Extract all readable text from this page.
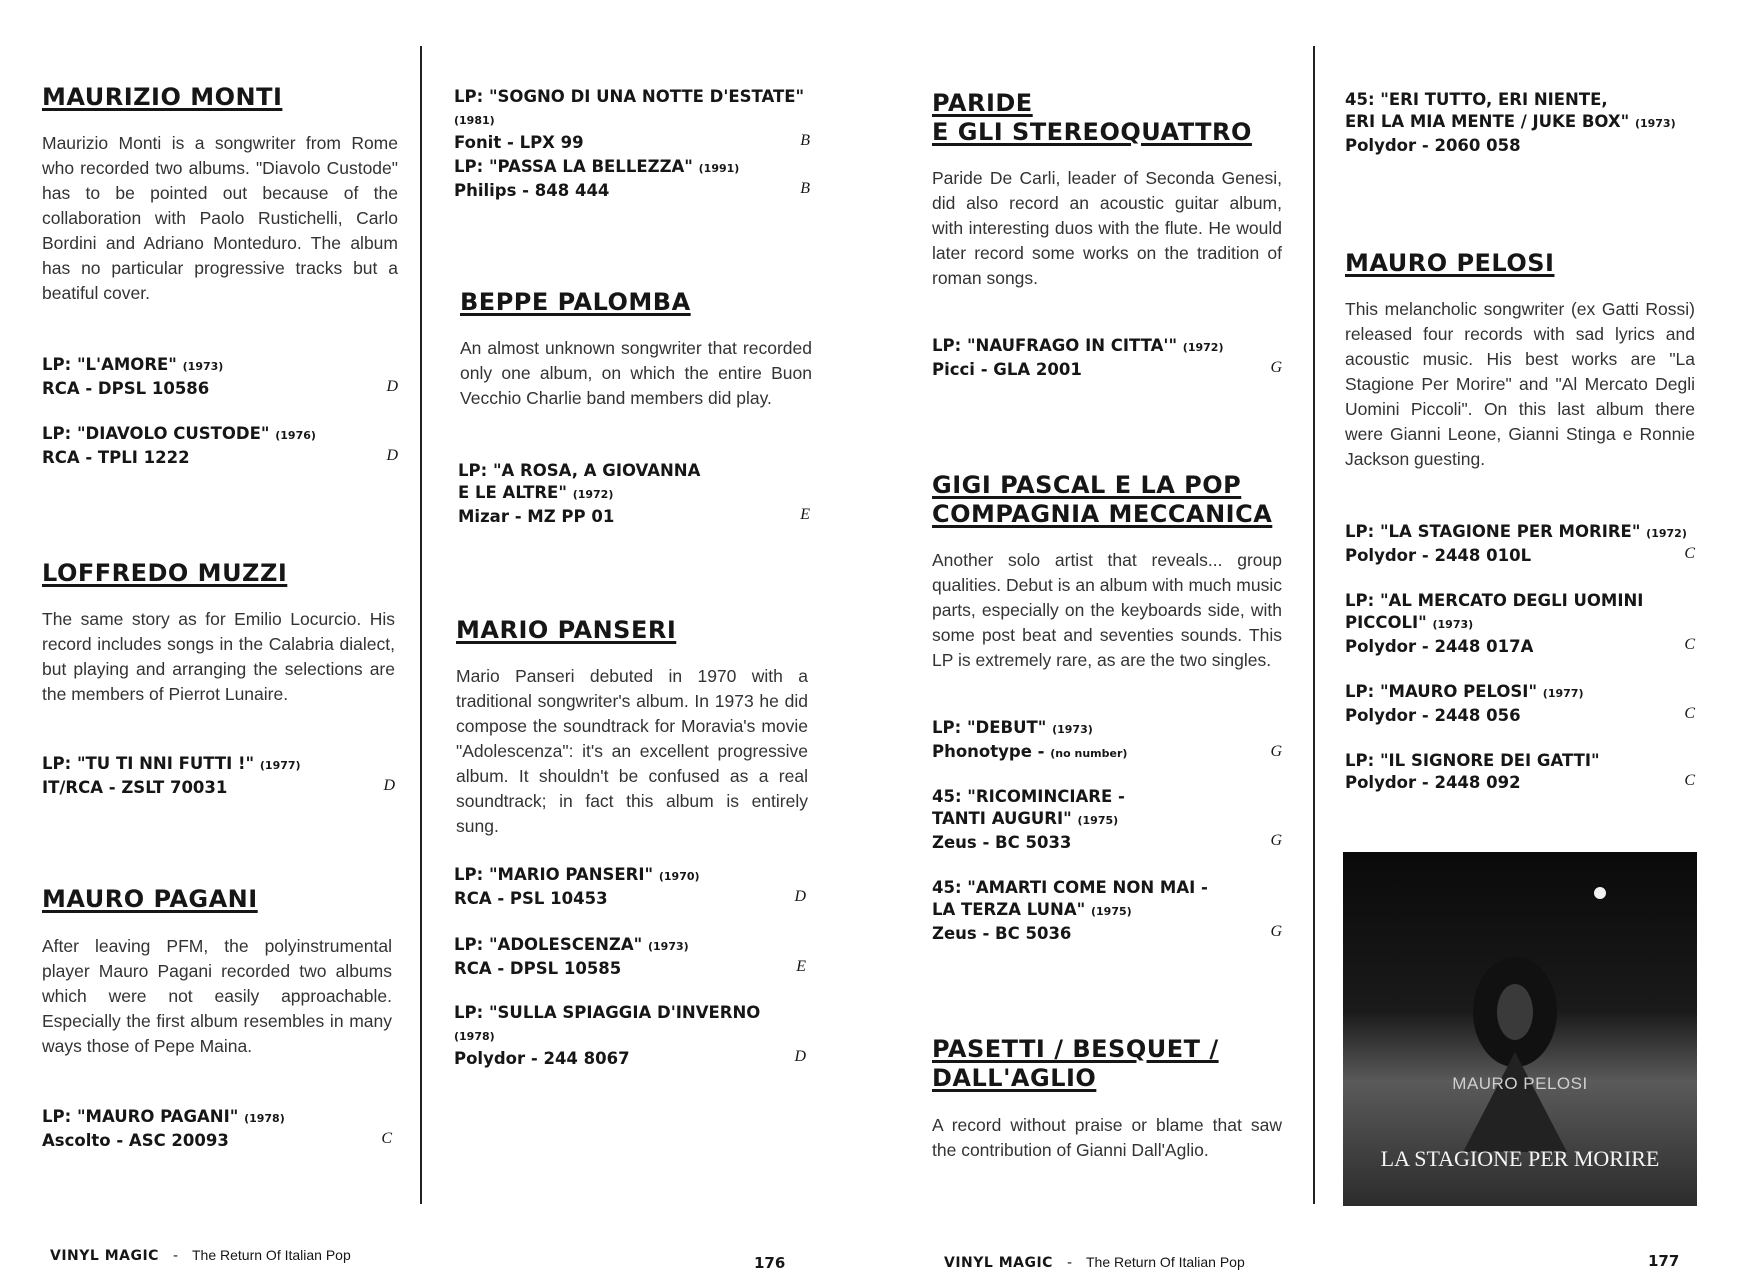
MAURIZIO MONTI

Maurizio Monti is a songwriter from Rome who recorded two albums. "Diavolo Custode" has to be pointed out because of the collaboration with Paolo Rustichelli, Carlo Bordini and Adriano Monteduro. The album has no particular progressive tracks but a beatiful cover.

LP: "L'AMORE" (1973)
RCA - DPSL 10586	D
LP: "DIAVOLO CUSTODE" (1976)
RCA - TPLI 1222	D
LOFFREDO MUZZI

The same story as for Emilio Locurcio. His record includes songs in the Calabria dialect, but playing and arranging the selections are the members of Pierrot Lunaire.

LP: "TU TI NNI FUTTI !" (1977)
IT/RCA - ZSLT 70031	D
MAURO PAGANI

After leaving PFM, the polyinstrumental player Mauro Pagani recorded two albums which were not easily approachable. Especially the first album resembles in many ways those of Pepe Maina.

LP: "MAURO PAGANI" (1978)
Ascolto - ASC 20093	C
LP: "SOGNO DI UNA NOTTE D'ESTATE" (1981)
Fonit - LPX 99	B
LP: "PASSA LA BELLEZZA" (1991)
Philips - 848 444	B
BEPPE PALOMBA

An almost unknown songwriter that recorded only one album, on which the entire Buon Vecchio Charlie band members did play.

LP: "A ROSA, A GIOVANNA
E LE ALTRE" (1972)
Mizar - MZ PP 01	E
MARIO PANSERI

Mario Panseri debuted in 1970 with a traditional songwriter's album. In 1973 he did compose the soundtrack for Moravia's movie "Adolescenza": it's an excellent progressive album. It shouldn't be confused as a real soundtrack; in fact this album is entirely sung.

LP: "MARIO PANSERI" (1970)
RCA - PSL 10453	D
LP: "ADOLESCENZA" (1973)
RCA - DPSL 10585	E
LP: "SULLA SPIAGGIA D'INVERNO (1978)
Polydor - 244 8067	D
PARIDE
E GLI STEREOQUATTRO

Paride De Carli, leader of Seconda Genesi, did also record an acoustic guitar album, with interesting duos with the flute. He would later record some works on the tradition of roman songs.

LP: "NAUFRAGO IN CITTA'" (1972)
Picci - GLA 2001	G
GIGI PASCAL E LA POP
COMPAGNIA MECCANICA

Another solo artist that reveals... group qualities. Debut is an album with much music parts, especially on the keyboards side, with some post beat and seventies sounds. This LP is extremely rare, as are the two singles.

LP: "DEBUT" (1973)
Phonotype - (no number)	G
45: "RICOMINCIARE -
TANTI AUGURI" (1975)
Zeus - BC 5033	G
45: "AMARTI COME NON MAI -
LA TERZA LUNA" (1975)
Zeus - BC 5036	G
PASETTI / BESQUET /
DALL'AGLIO

A record without praise or blame that saw the contribution of Gianni Dall'Aglio.

45: "ERI TUTTO, ERI NIENTE,
ERI LA MIA MENTE / JUKE BOX" (1973)
Polydor - 2060 058
MAURO PELOSI

This melancholic songwriter (ex Gatti Rossi) released four records with sad lyrics and acoustic music. His best works are "La Stagione Per Morire" and "Al Mercato Degli Uomini Piccoli". On this last album there were Gianni Leone, Gianni Stinga e Ronnie Jackson guesting.

LP: "LA STAGIONE PER MORIRE" (1972)
Polydor - 2448 010L	C
LP: "AL MERCATO DEGLI UOMINI
PICCOLI" (1973)
Polydor - 2448 017A	C
LP: "MAURO PELOSI" (1977)
Polydor - 2448 056	C
LP: "IL SIGNORE DEI GATTI"
Polydor - 2448 092	C
MAURO PELOSI
LA STAGIONE PER MORIRE
VINYL MAGIC - The Return Of Italian Pop	176	VINYL MAGIC - The Return Of Italian Pop	177
